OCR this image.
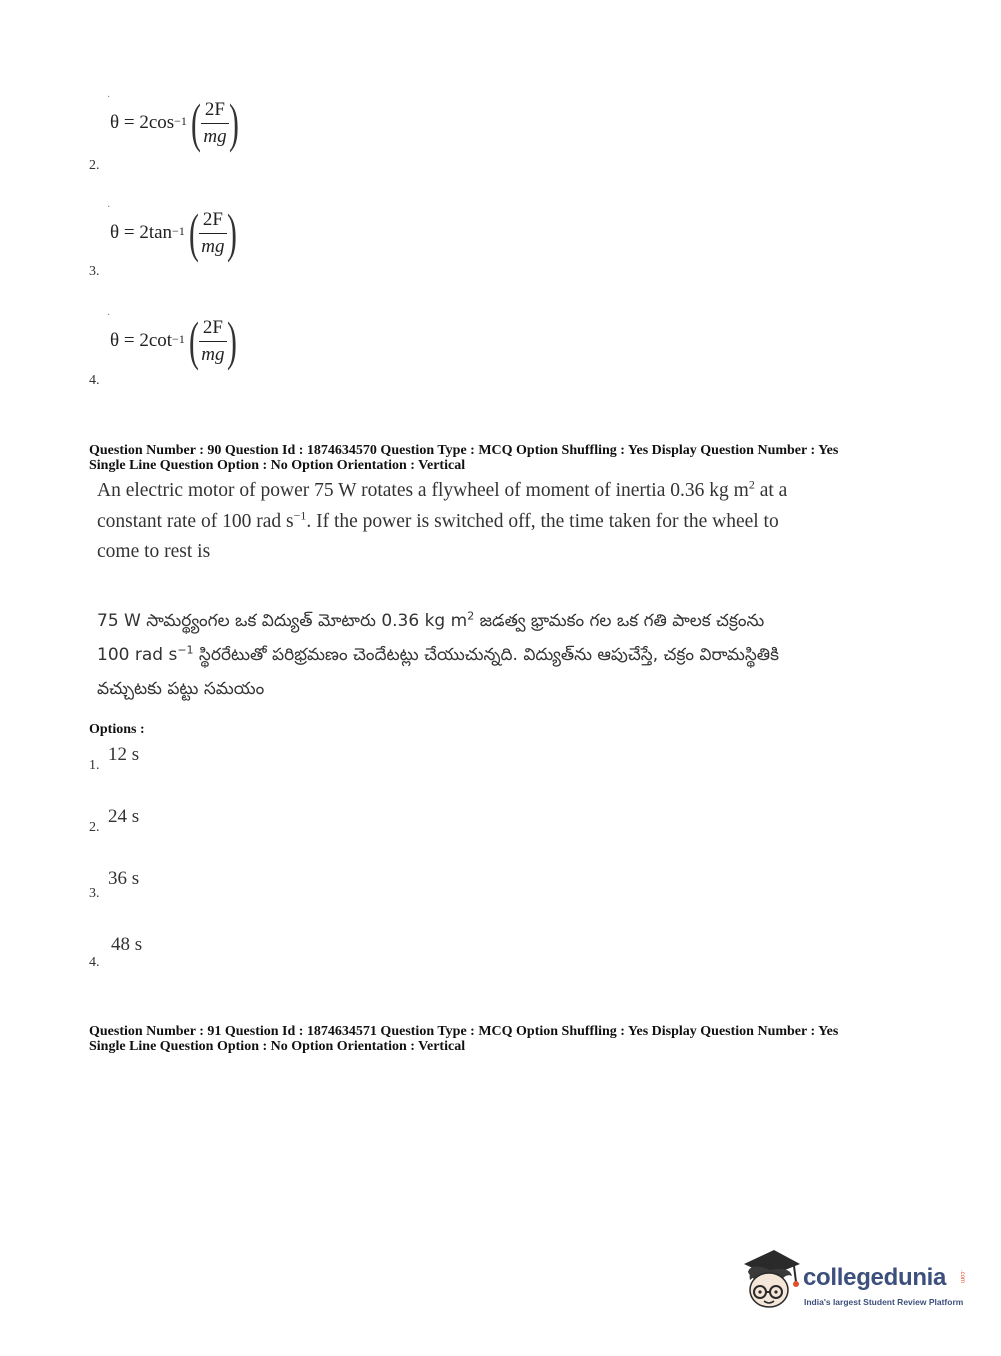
·
θ = 2 $\cos^{-1}$ ( $\frac{2F}{mg}$ )
2.
·
θ = 2 $\tan^{-1}$ ( $\frac{2F}{mg}$ )
3.
·
θ = 2 $\cot^{-1}$ ( $\frac{2F}{mg}$ )
4.
Question Number : 90 Question Id : 1874634570 Question Type : MCQ Option Shuffling : Yes Display Question Number : Yes
Single Line Question Option : No Option Orientation : Vertical
An electric motor of power 75 W rotates a flywheel of moment of inertia 0.36 kg $m^2$ at a
constant rate of 100 rad $s^{-1}$. If the power is switched off, the time taken for the wheel to
come to rest is
75 W సామర్థ్యంగల ఒక విద్యుత్ మోటారు 0.36 kg $m^2$ జడత్వ భ్రామకం గల ఒక గతి పాలక చక్రంను
100 rad $s^{-1}$ స్థిరరేటుతో పరిభ్రమణం చెందేటట్లు చేయుచున్నది. విద్యుత్‌ను ఆపుచేస్తే, చక్రం విరామస్థితికి
వచ్చుటకు పట్టు సమయం
Options :
12 s
1.
24 s
2.
36 s
3.
48 s
4.
Question Number : 91 Question Id : 1874634571 Question Type : MCQ Option Shuffling : Yes Display Question Number : Yes
Single Line Question Option : No Option Orientation : Vertical
collegedunia .com
India's largest Student Review Platform
